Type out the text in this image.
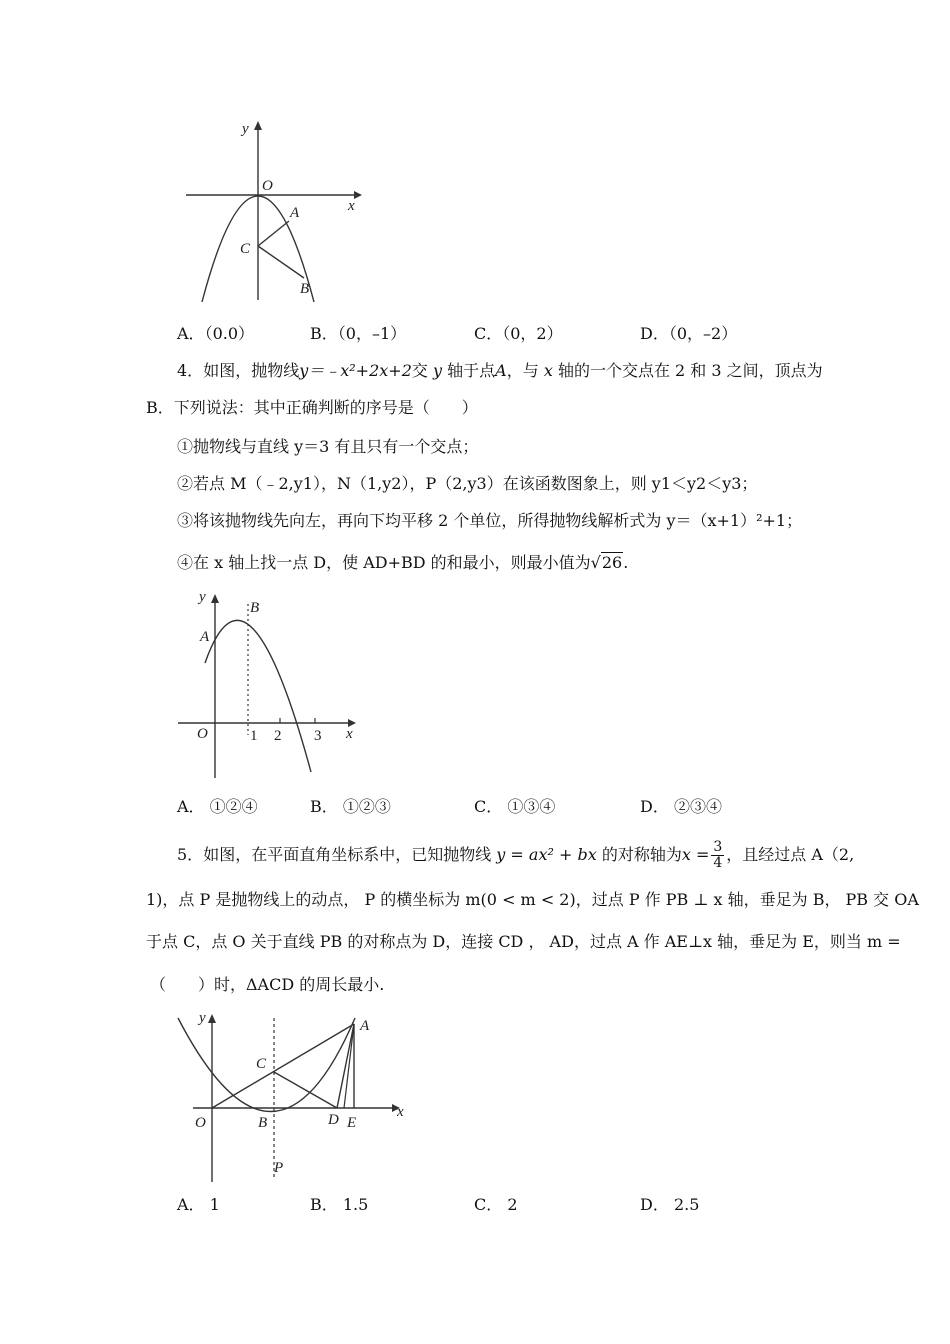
y
x
O
A
C
B
A．（0.0）	B．（0，–1）	C．（0，2）	D．（0，–2）
4．如图，抛物线y＝﹣x²+2x+2交 y 轴于点A，与 x 轴的一个交点在 2 和 3 之间，顶点为
B．下列说法：其中正确判断的序号是（　　）
①抛物线与直线 y＝3 有且只有一个交点；
②若点 M（﹣2,y1），N（1,y2），P（2,y3）在该函数图象上，则 y1＜y2＜y3；
③将该抛物线先向左，再向下均平移 2 个单位，所得抛物线解析式为 y＝（x+1）²+1；
④在 x 轴上找一点 D，使 AD+BD 的和最小，则最小值为√26.
y
x
O
A
B
1 2 3
A． ①②④	B． ①②③	C． ①③④	D． ②③④
5．如图，在平面直角坐标系中，已知抛物线 y = ax² + bx 的对称轴为$x = \frac{3}{4}$ ，且经过点 A（2,
1)，点 P 是抛物线上的动点， P 的横坐标为 m(0 < m < 2)，过点 P 作 PB ⊥ x 轴，垂足为 B， PB 交 OA
于点 C，点 O 关于直线 PB 的对称点为 D，连接 CD ， AD，过点 A 作 AE⊥x 轴，垂足为 E，则当 m =
（　　）时，ΔACD 的周长最小.
y
x
O
A
C
B	D E
P
A． 1	B． 1.5	C． 2	D． 2.5
